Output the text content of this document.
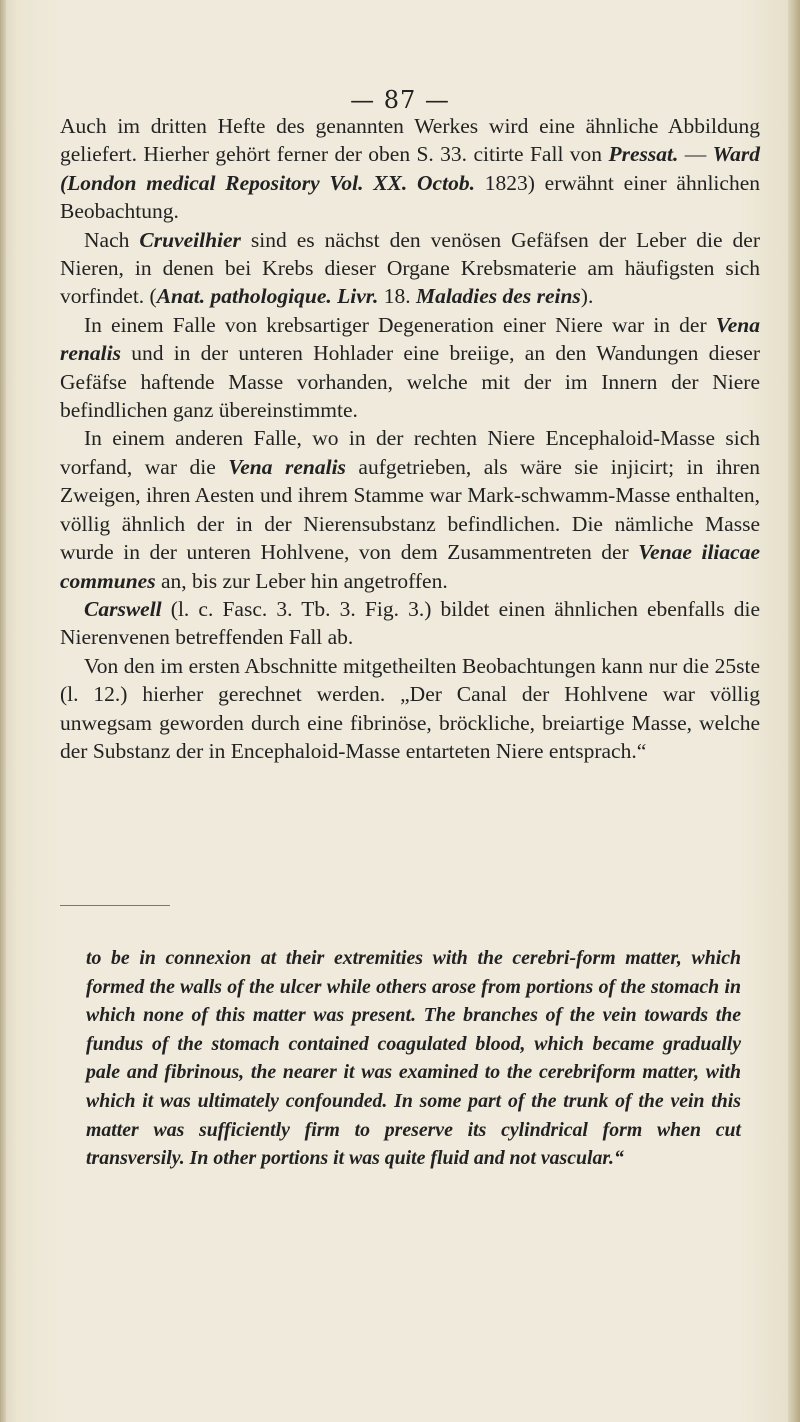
— 87 —

Auch im dritten Hefte des genannten Werkes wird eine ähnliche Abbildung geliefert. Hierher gehört ferner der oben S. 33. citirte Fall von Pressat. — Ward (London medical Repository Vol. XX. Octob. 1823) erwähnt einer ähnlichen Beobachtung.

Nach Cruveilhier sind es nächst den venösen Gefäfsen der Leber die der Nieren, in denen bei Krebs dieser Organe Krebsmaterie am häufigsten sich vorfindet. (Anat. pathologique. Livr. 18. Maladies des reins).

In einem Falle von krebsartiger Degeneration einer Niere war in der Vena renalis und in der unteren Hohlader eine breiige, an den Wandungen dieser Gefäfse haftende Masse vorhanden, welche mit der im Innern der Niere befindlichen ganz übereinstimmte.

In einem anderen Falle, wo in der rechten Niere Encephaloid-Masse sich vorfand, war die Vena renalis aufgetrieben, als wäre sie injicirt; in ihren Zweigen, ihren Aesten und ihrem Stamme war Mark-schwamm-Masse enthalten, völlig ähnlich der in der Nierensubstanz befindlichen. Die nämliche Masse wurde in der unteren Hohlvene, von dem Zusammentreten der Venae iliacae communes an, bis zur Leber hin angetroffen.

Carswell (l. c. Fasc. 3. Tb. 3. Fig. 3.) bildet einen ähnlichen ebenfalls die Nierenvenen betreffenden Fall ab.

Von den im ersten Abschnitte mitgetheilten Beobachtungen kann nur die 25ste (l. 12.) hierher gerechnet werden. „Der Canal der Hohlvene war völlig unwegsam geworden durch eine fibrinöse, bröckliche, breiartige Masse, welche der Substanz der in Encephaloid-Masse entarteten Niere entsprach.“

to be in connexion at their extremities with the cerebri-form matter, which formed the walls of the ulcer while others arose from portions of the stomach in which none of this matter was present. The branches of the vein towards the fundus of the stomach contained coagulated blood, which became gradually pale and fibrinous, the nearer it was examined to the cerebriform matter, with which it was ultimately confounded. In some part of the trunk of the vein this matter was sufficiently firm to preserve its cylindrical form when cut transversily. In other portions it was quite fluid and not vascular.“
